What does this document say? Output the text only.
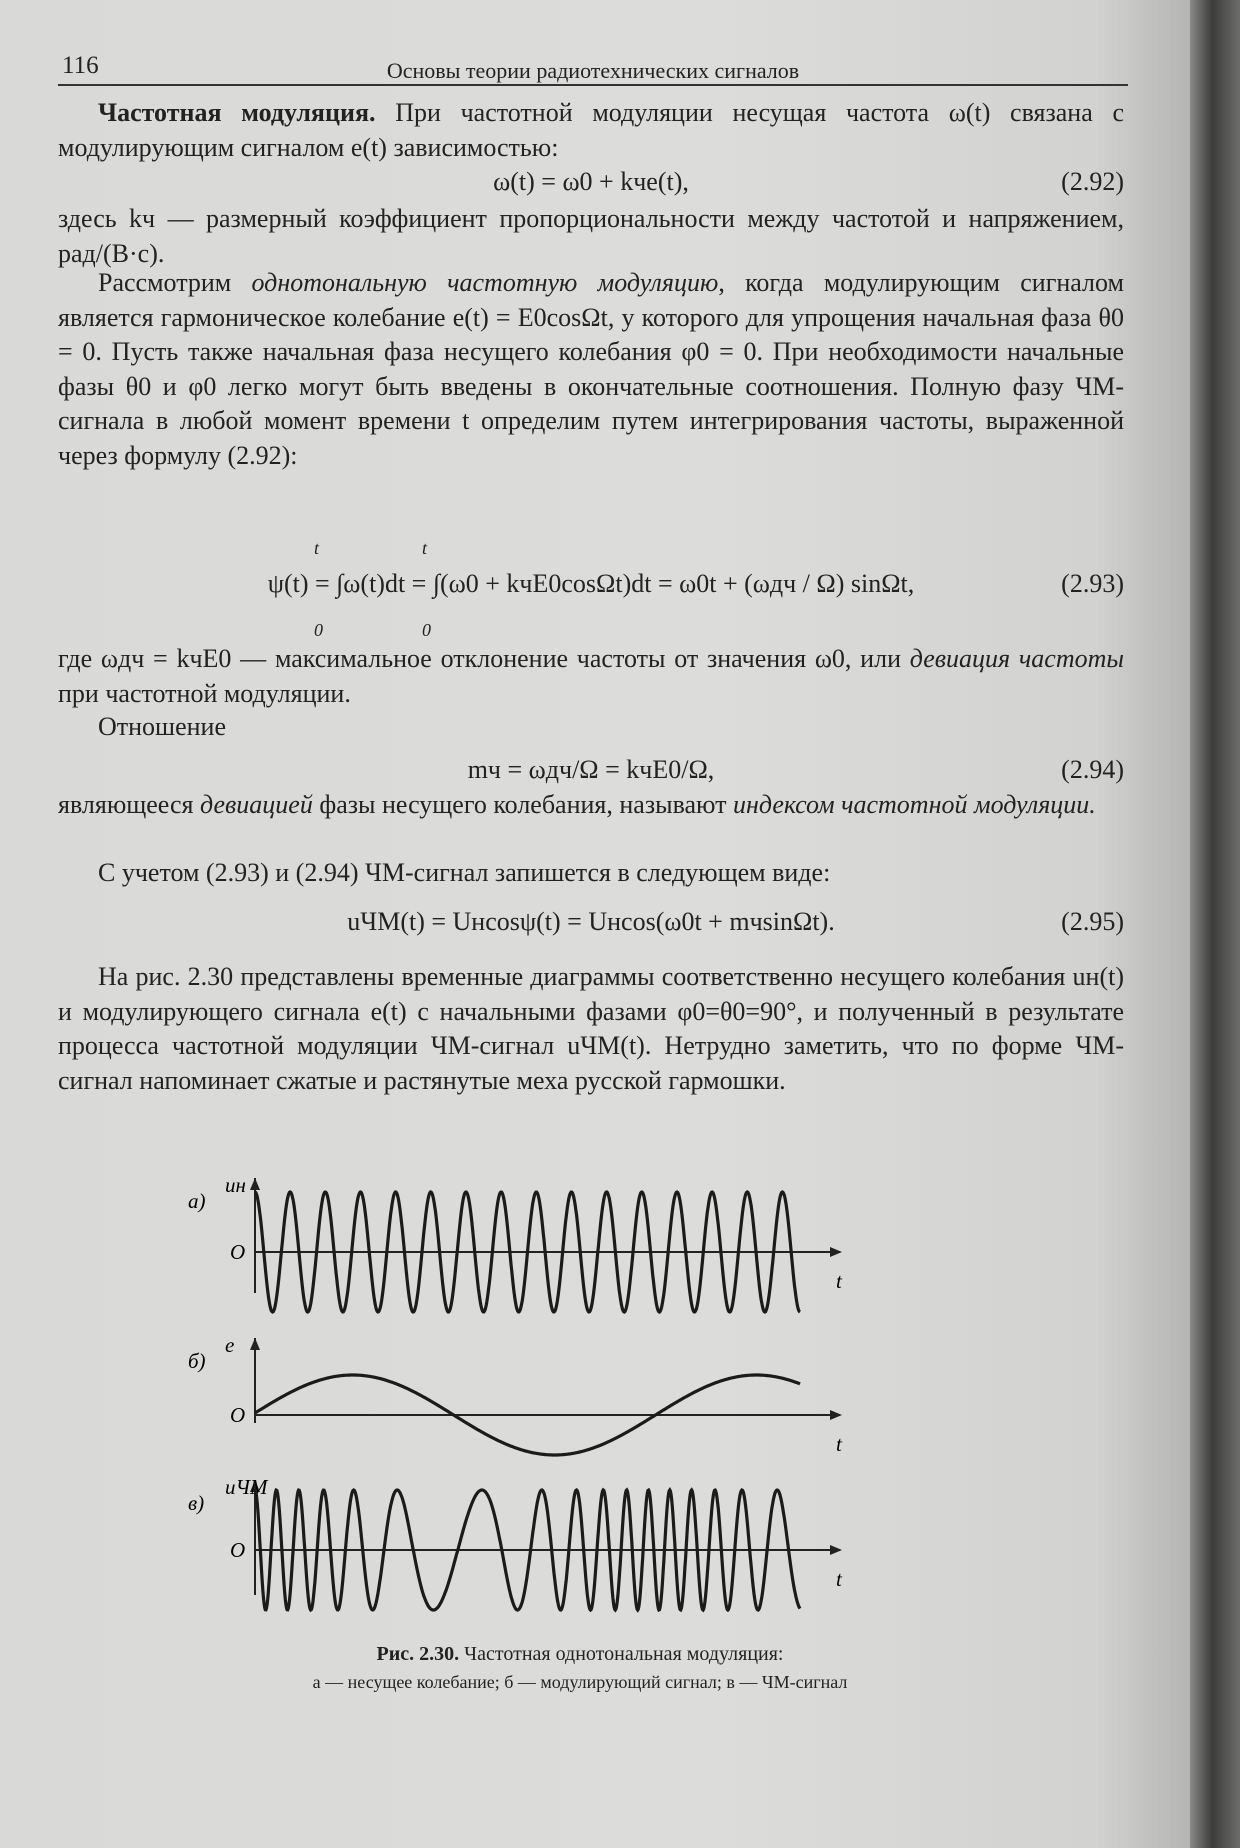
116	Основы теории радиотехнических сигналов

Частотная модуляция. При частотной модуляции несущая частота ω(t) связана с модулирующим сигналом e(t) зависимостью:

ω(t) = ω0 + kчe(t),	(2.92)

здесь kч — размерный коэффициент пропорциональности между частотой и напряжением, рад/(В·с).

Рассмотрим однотональную частотную модуляцию, когда модулирующим сигналом является гармоническое колебание e(t) = E0cosΩt, у которого для упрощения начальная фаза θ0 = 0. Пусть также начальная фаза несущего колебания φ0 = 0. При необходимости начальные фазы θ0 и φ0 легко могут быть введены в окончательные соотношения. Полную фазу ЧМ-сигнала в любой момент времени t определим путем интегрирования частоты, выраженной через формулу (2.92):

t
0
t
0
ψ(t) = ∫ω(t)dt = ∫(ω0 + kчE0cosΩt)dt = ω0t + (ωдч / Ω) sinΩt,	(2.93)

где ωдч = kчE0 — максимальное отклонение частоты от значения ω0, или девиация частоты при частотной модуляции.

Отношение

mч = ωдч/Ω = kчE0/Ω,	(2.94)

являющееся девиацией фазы несущего колебания, называют индексом частотной модуляции.

С учетом (2.93) и (2.94) ЧМ-сигнал запишется в следующем виде:

uЧМ(t) = Uнcosψ(t) = Uнcos(ω0t + mчsinΩt).	(2.95)

На рис. 2.30 представлены временные диаграммы соответственно несущего колебания uн(t) и модулирующего сигнала e(t) с начальными фазами φ0=θ0=90°, и полученный в результате процесса частотной модуляции ЧМ-сигнал uЧМ(t). Нетрудно заметить, что по форме ЧМ-сигнал напоминает сжатые и растянутые меха русской гармошки.

а)
uн
O
t
б)
e
O
t
в)
uЧМ
O
t
Рис. 2.30. Частотная однотональная модуляция:
а — несущее колебание; б — модулирующий сигнал; в — ЧМ-сигнал
